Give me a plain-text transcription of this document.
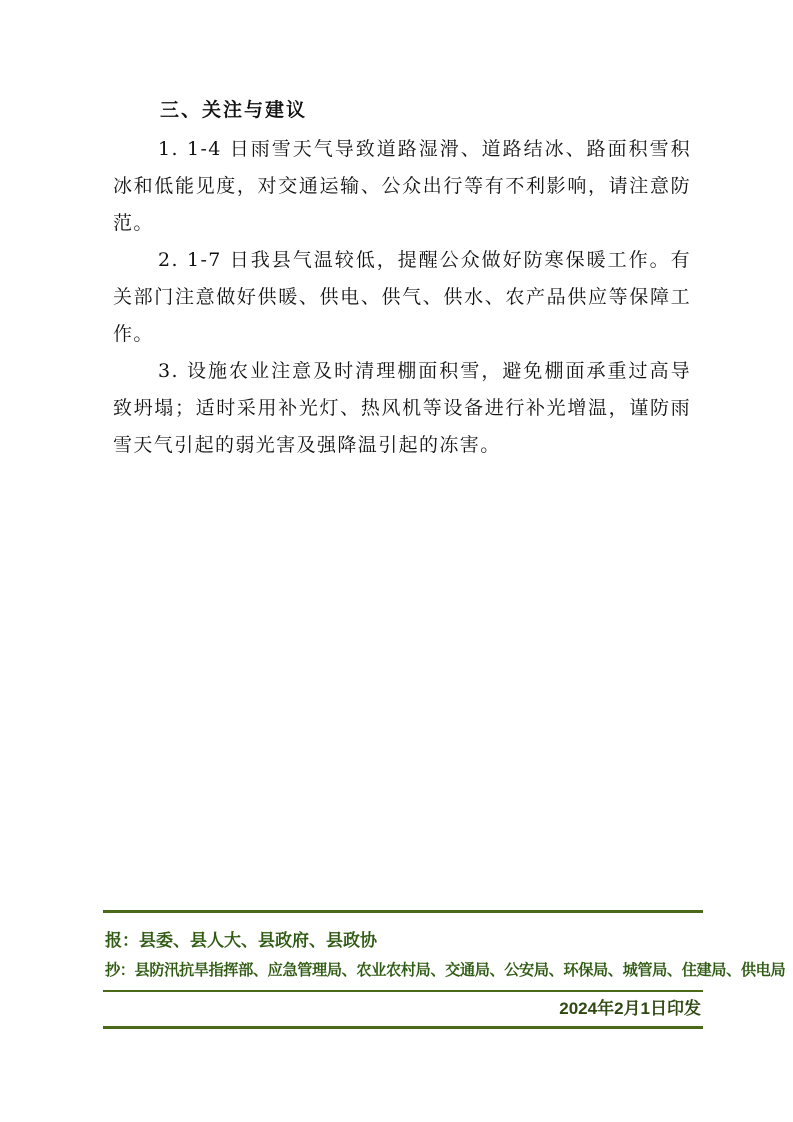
三、关注与建议

1. 1-4 日雨雪天气导致道路湿滑、道路结冰、路面积雪积冰和低能见度，对交通运输、公众出行等有不利影响，请注意防范。

2. 1-7 日我县气温较低，提醒公众做好防寒保暖工作。有关部门注意做好供暖、供电、供气、供水、农产品供应等保障工作。

3. 设施农业注意及时清理棚面积雪，避免棚面承重过高导致坍塌；适时采用补光灯、热风机等设备进行补光增温，谨防雨雪天气引起的弱光害及强降温引起的冻害。

报：县委、县人大、县政府、县政协
抄：县防汛抗旱指挥部、应急管理局、农业农村局、交通局、公安局、环保局、城管局、住建局、供电局
2024年2月1日印发
